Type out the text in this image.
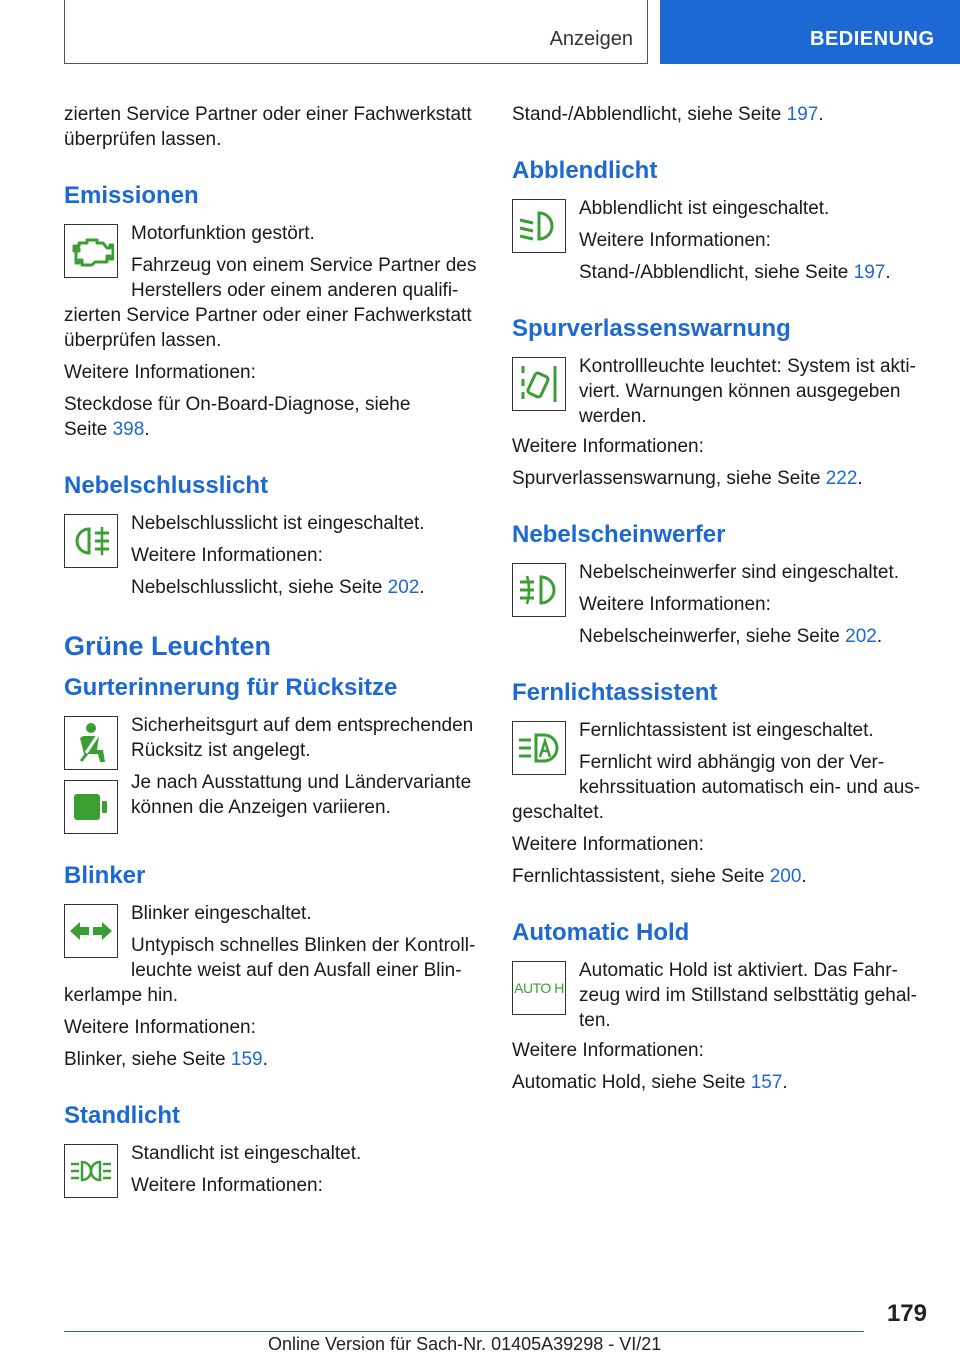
Anzeigen	BEDIENUNG

zierten Service Partner oder einer Fachwerkstatt überprüfen lassen.

Emissionen

Motorfunktion gestört.

Fahrzeug von einem Service Partner des Herstellers oder einem anderen qualifi-

zierten Service Partner oder einer Fachwerkstatt überprüfen lassen.

Weitere Informationen:

Steckdose für On-Board-Diagnose, siehe Seite 398.

Nebelschlusslicht

Nebelschlusslicht ist eingeschaltet.

Weitere Informationen:

Nebelschlusslicht, siehe Seite 202.

Grüne Leuchten
Gurterinnerung für Rücksitze

Sicherheitsgurt auf dem entsprechenden Rücksitz ist angelegt.

Je nach Ausstattung und Ländervariante können die Anzeigen variieren.

Blinker

Blinker eingeschaltet.

Untypisch schnelles Blinken der Kontroll-leuchte weist auf den Ausfall einer Blin-

kerlampe hin.

Weitere Informationen:

Blinker, siehe Seite 159.

Standlicht

Standlicht ist eingeschaltet.

Weitere Informationen:

Stand-/Abblendlicht, siehe Seite 197.

Abblendlicht

Abblendlicht ist eingeschaltet.

Weitere Informationen:

Stand-/Abblendlicht, siehe Seite 197.

Spurverlassenswarnung

Kontrollleuchte leuchtet: System ist akti-viert. Warnungen können ausgegeben werden.

Weitere Informationen:

Spurverlassenswarnung, siehe Seite 222.

Nebelscheinwerfer

Nebelscheinwerfer sind eingeschaltet.

Weitere Informationen:

Nebelscheinwerfer, siehe Seite 202.

Fernlichtassistent

Fernlichtassistent ist eingeschaltet.

Fernlicht wird abhängig von der Ver-kehrssituation automatisch ein- und aus-

geschaltet.

Weitere Informationen:

Fernlichtassistent, siehe Seite 200.

Automatic Hold
AUTO H

Automatic Hold ist aktiviert. Das Fahr-zeug wird im Stillstand selbsttätig gehal-ten.

Weitere Informationen:

Automatic Hold, siehe Seite 157.

179
Online Version für Sach-Nr. 01405A39298 - VI/21
